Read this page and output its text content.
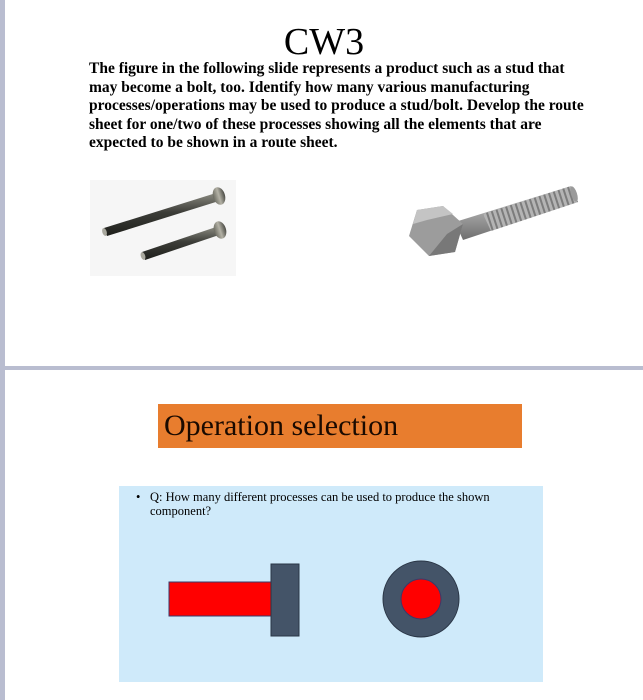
CW3
The figure in the following slide represents a product such as a stud that may become a bolt, too. Identify how many various manufacturing processes/operations may be used to produce a stud/bolt. Develop the route sheet for one/two of these processes showing all the elements that are expected to be shown in a route sheet.
Operation selection
• Q: How many different processes can be used to produce the shown component?
